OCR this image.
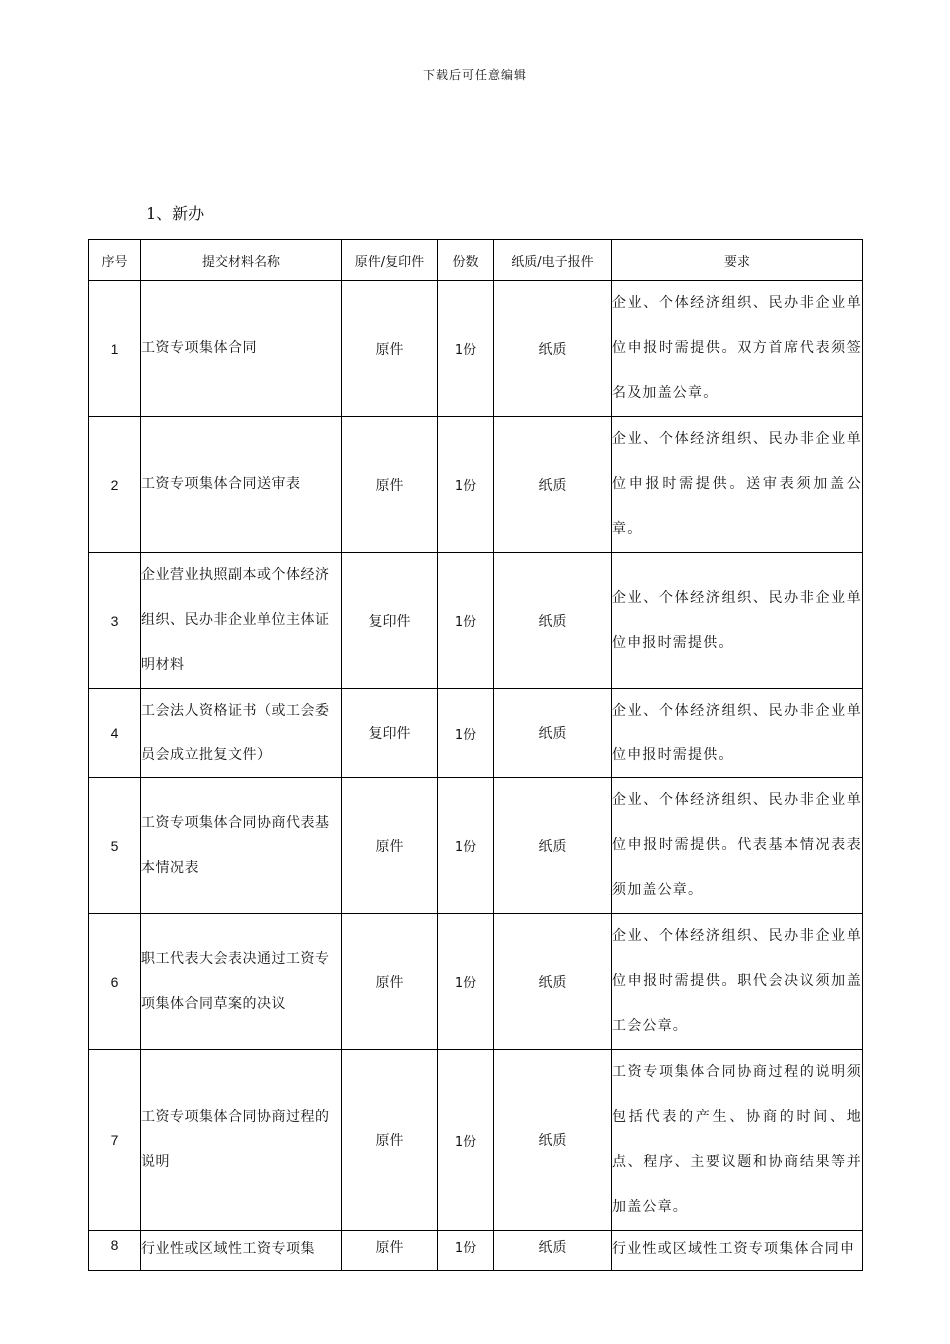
下载后可任意编辑
1、新办
序号	提交材料名称	原件/复印件	份数	纸质/电子报件	要求
1	工资专项集体合同	原件	1份	纸质	企业、个体经济组织、民办非企业单位申报时需提供。双方首席代表须签名及加盖公章。
2	工资专项集体合同送审表	原件	1份	纸质	企业、个体经济组织、民办非企业单位申报时需提供。送审表须加盖公章。
3	企业营业执照副本或个体经济组织、民办非企业单位主体证明材料	复印件	1份	纸质	企业、个体经济组织、民办非企业单位申报时需提供。
4	工会法人资格证书（或工会委员会成立批复文件）	复印件	1份	纸质	企业、个体经济组织、民办非企业单位申报时需提供。
5	工资专项集体合同协商代表基本情况表	原件	1份	纸质	企业、个体经济组织、民办非企业单位申报时需提供。代表基本情况表表须加盖公章。
6	职工代表大会表决通过工资专项集体合同草案的决议	原件	1份	纸质	企业、个体经济组织、民办非企业单位申报时需提供。职代会决议须加盖工会公章。
7	工资专项集体合同协商过程的说明	原件	1份	纸质	工资专项集体合同协商过程的说明须包括代表的产生、协商的时间、地点、程序、主要议题和协商结果等并加盖公章。
8	行业性或区域性工资专项集	原件	1份	纸质	行业性或区域性工资专项集体合同申
